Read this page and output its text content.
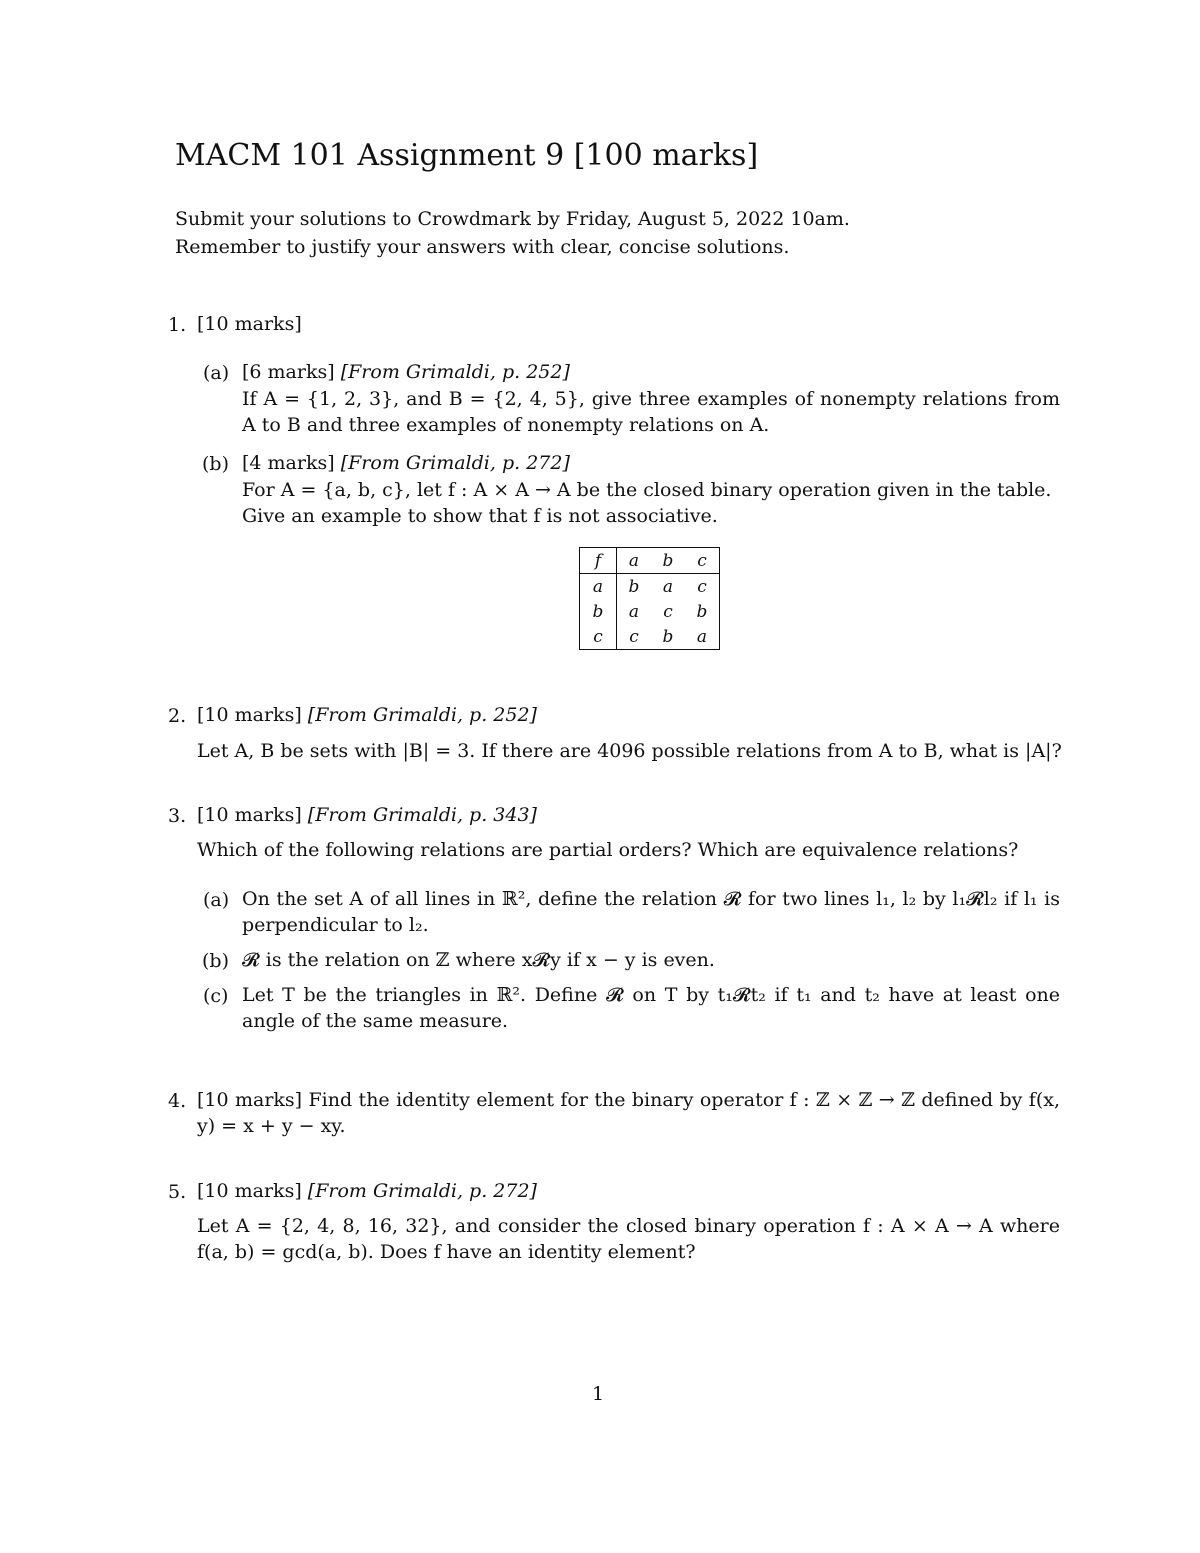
MACM 101 Assignment 9 [100 marks]
Submit your solutions to Crowdmark by Friday, August 5, 2022 10am.
Remember to justify your answers with clear, concise solutions.
1. [10 marks]
(a) [6 marks] [From Grimaldi, p. 252]
If A = {1, 2, 3}, and B = {2, 4, 5}, give three examples of nonempty relations from A to B and three examples of nonempty relations on A.
(b) [4 marks] [From Grimaldi, p. 272]
For A = {a, b, c}, let f : A × A → A be the closed binary operation given in the table. Give an example to show that f is not associative.
f	a	b	c
a	b	a	c
b	a	c	b
c	c	b	a
2. [10 marks] [From Grimaldi, p. 252]
Let A, B be sets with |B| = 3. If there are 4096 possible relations from A to B, what is |A|?
3. [10 marks] [From Grimaldi, p. 343]
Which of the following relations are partial orders? Which are equivalence relations?
(a) On the set A of all lines in ℝ², define the relation 𝓡 for two lines l₁, l₂ by l₁𝓡l₂ if l₁ is perpendicular to l₂.
(b) 𝓡 is the relation on ℤ where x𝓡y if x − y is even.
(c) Let T be the triangles in ℝ². Define 𝓡 on T by t₁𝓡t₂ if t₁ and t₂ have at least one angle of the same measure.
4. [10 marks] Find the identity element for the binary operator f : ℤ × ℤ → ℤ defined by f(x, y) = x + y − xy.
5. [10 marks] [From Grimaldi, p. 272]
Let A = {2, 4, 8, 16, 32}, and consider the closed binary operation f : A × A → A where f(a, b) = gcd(a, b). Does f have an identity element?
1
